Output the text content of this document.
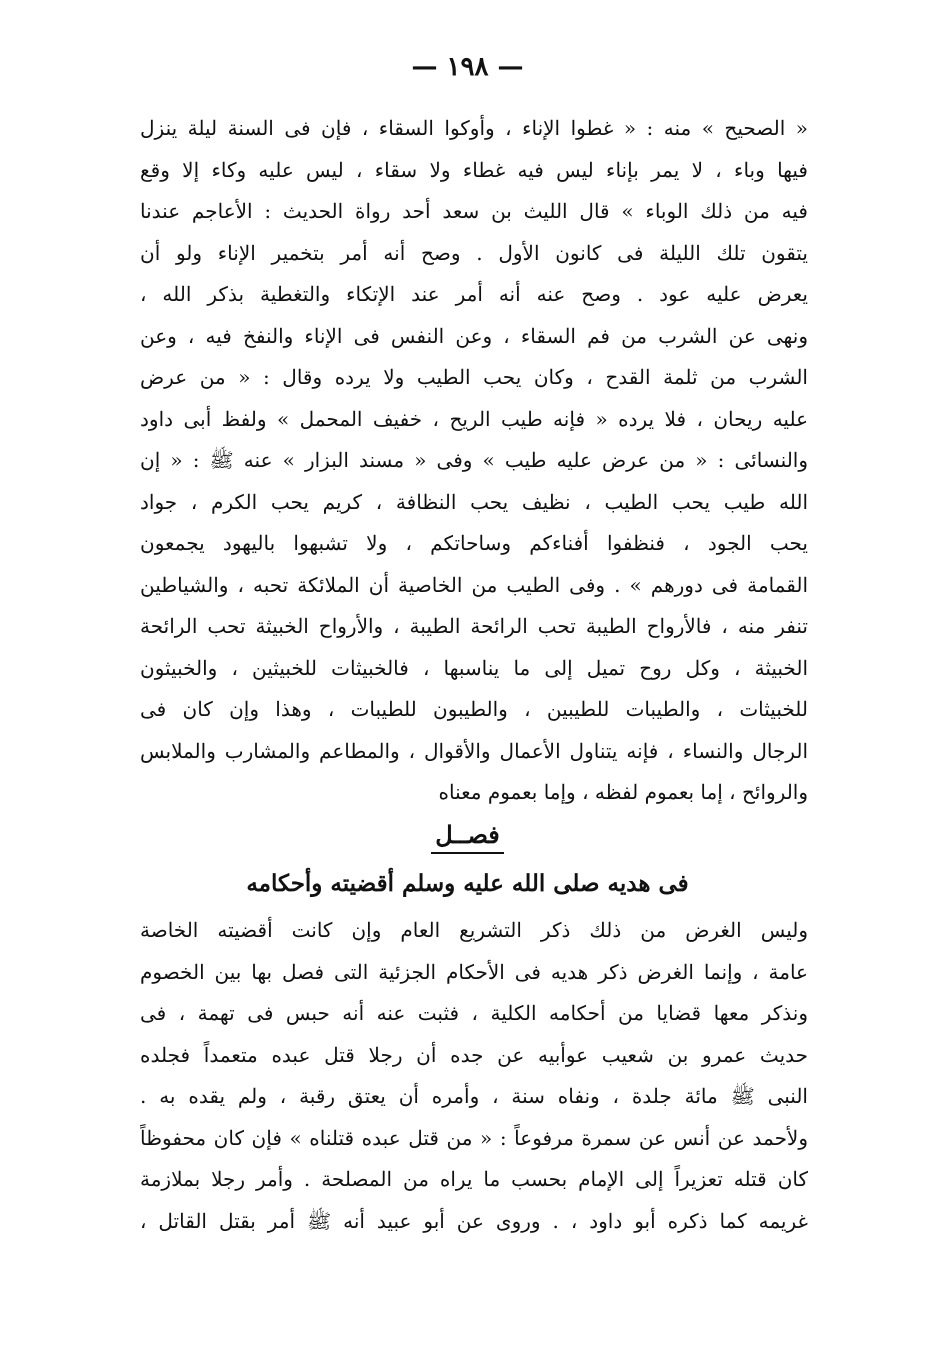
— ١٩٨ —
« الصحيح » منه : « غطوا الإناء ، وأوكوا السقاء ، فإن فى السنة ليلة ينزل
فيها وباء ، لا يمر بإناء ليس فيه غطاء ولا سقاء ، ليس عليه وكاء إلا وقع
فيه من ذلك الوباء » قال الليث بن سعد أحد رواة الحديث : الأعاجم عندنا
يتقون تلك الليلة فى كانون الأول . وصح أنه أمر بتخمير الإناء ولو أن
يعرض عليه عود . وصح عنه أنه أمر عند الإتكاء والتغطية بذكر الله ،
ونهى عن الشرب من فم السقاء ، وعن النفس فى الإناء والنفخ فيه ، وعن
الشرب من ثلمة القدح ، وكان يحب الطيب ولا يرده وقال : « من عرض
عليه ريحان ، فلا يرده « فإنه طيب الريح ، خفيف المحمل » ولفظ أبى داود
والنسائى : « من عرض عليه طيب » وفى « مسند البزار » عنه ﷺ : « إن
الله طيب يحب الطيب ، نظيف يحب النظافة ، كريم يحب الكرم ، جواد
يحب الجود ، فنظفوا أفناءكم وساحاتكم ، ولا تشبهوا باليهود يجمعون
القمامة فى دورهم » . وفى الطيب من الخاصية أن الملائكة تحبه ، والشياطين
تنفر منه ، فالأرواح الطيبة تحب الرائحة الطيبة ، والأرواح الخبيثة تحب الرائحة
الخبيثة ، وكل روح تميل إلى ما يناسبها ، فالخبيثات للخبيثين ، والخبيثون
للخبيثات ، والطيبات للطيبين ، والطيبون للطيبات ، وهذا وإن كان فى
الرجال والنساء ، فإنه يتناول الأعمال والأقوال ، والمطاعم والمشارب والملابس
والروائح ، إما بعموم لفظه ، وإما بعموم معناه
فصــل
فى هديه صلى الله عليه وسلم أقضيته وأحكامه
وليس الغرض من ذلك ذكر التشريع العام وإن كانت أقضيته الخاصة
عامة ، وإنما الغرض ذكر هديه فى الأحكام الجزئية التى فصل بها بين الخصوم
ونذكر معها قضايا من أحكامه الكلية ، فثبت عنه أنه حبس فى تهمة ، فى
حديث عمرو بن شعيب عوأبيه عن جده أن رجلا قتل عبده متعمداً فجلده
النبى ﷺ مائة جلدة ، ونفاه سنة ، وأمره أن يعتق رقبة ، ولم يقده به .
ولأحمد عن أنس عن سمرة مرفوعاً : « من قتل عبده قتلناه » فإن كان محفوظاً
كان قتله تعزيراً إلى الإمام بحسب ما يراه من المصلحة . وأمر رجلا بملازمة
غريمه كما ذكره أبو داود ، . وروى عن أبو عبيد أنه ﷺ أمر بقتل القاتل ،
